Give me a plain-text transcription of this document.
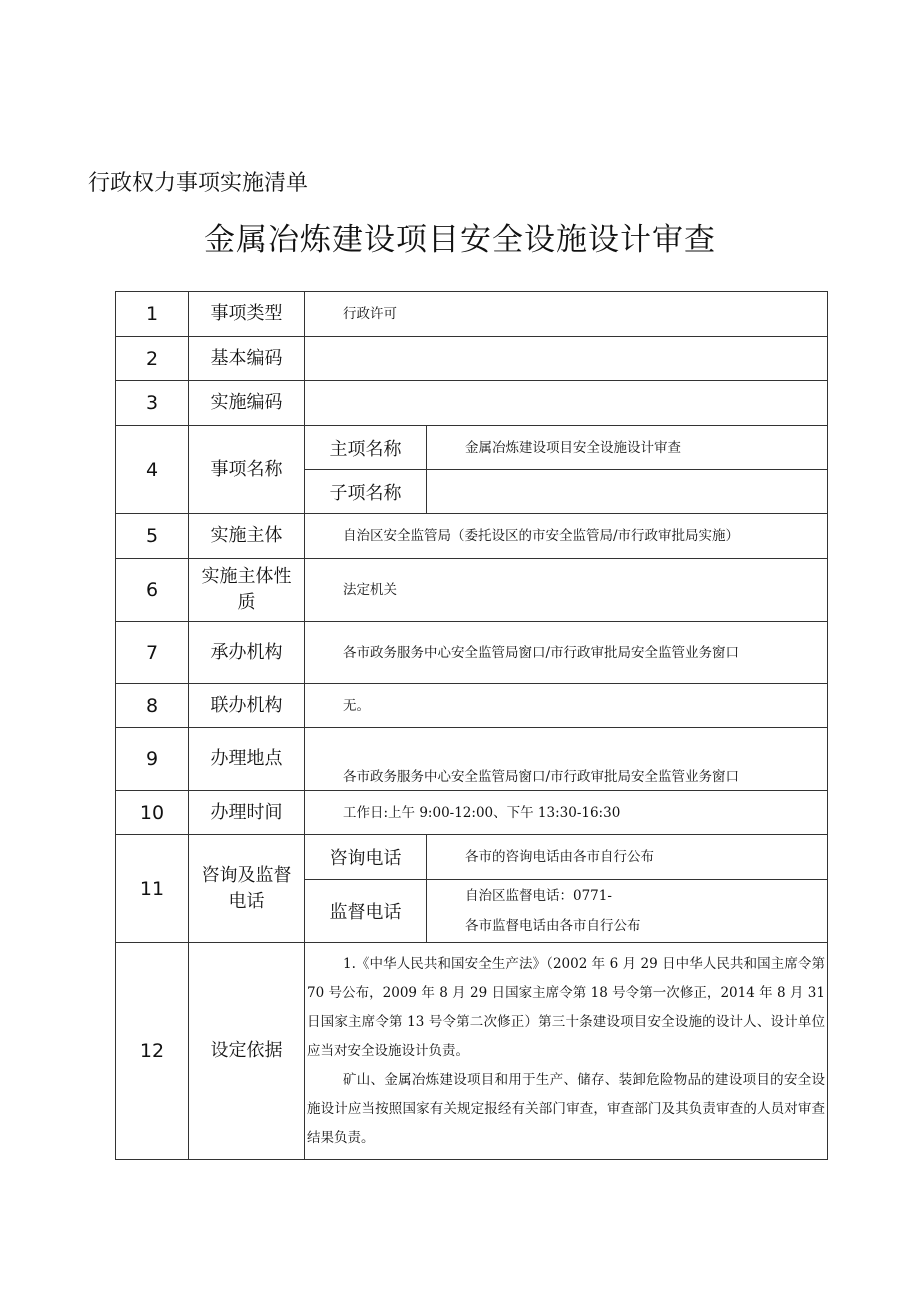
行政权力事项实施清单
金属冶炼建设项目安全设施设计审查
1	事项类型	行政许可	
2	基本编码		
3	实施编码		
4	事项名称	主项名称	金属冶炼建设项目安全设施设计审查
		子项名称	
5	实施主体	自治区安全监管局（委托设区的市安全监管局/市行政审批局实施）	
6	实施主体性质	法定机关	
7	承办机构	各市政务服务中心安全监管局窗口/市行政审批局安全监管业务窗口	

8	联办机构	无。	
9	办理地点	各市政务服务中心安全监管局窗口/市行政审批局安全监管业务窗口	
10	办理时间	工作日:上午 9:00-12:00、下午 13:30-16:30	
11	咨询及监督电话	咨询电话	各市的咨询电话由各市自行公布
		监督电话	自治区监督电话：0771-
各市监督电话由各市自行公布

12	设定依据	1.《中华人民共和国安全生产法》（2002 年 6 月 29 日中华人民共和国主席令第 70 号公布，2009 年 8 月 29 日国家主席令第 18 号令第一次修正，2014 年 8 月 31 日国家主席令第 13 号令第二次修正）第三十条建设项目安全设施的设计人、设计单位应当对安全设施设计负责。

矿山、金属冶炼建设项目和用于生产、储存、装卸危险物品的建设项目的安全设施设计应当按照国家有关规定报经有关部门审查，审查部门及其负责审查的人员对审查结果负责。	
